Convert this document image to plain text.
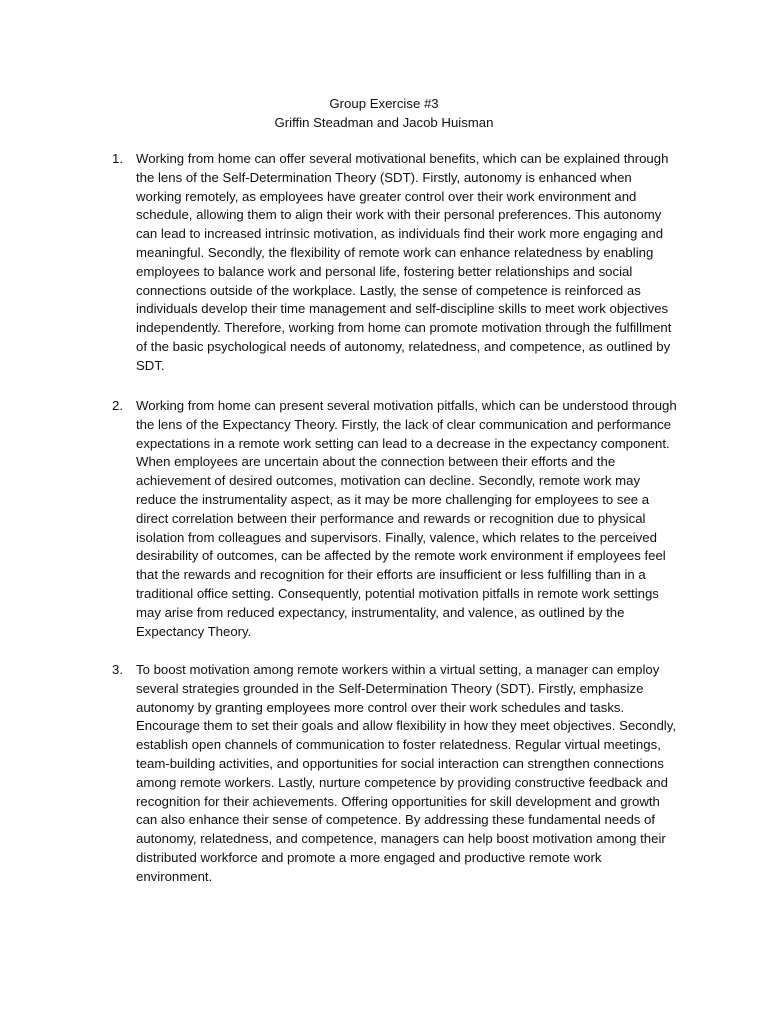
Group Exercise #3
Griffin Steadman and Jacob Huisman
1. Working from home can offer several motivational benefits, which can be explained through the lens of the Self-Determination Theory (SDT). Firstly, autonomy is enhanced when working remotely, as employees have greater control over their work environment and schedule, allowing them to align their work with their personal preferences. This autonomy can lead to increased intrinsic motivation, as individuals find their work more engaging and meaningful. Secondly, the flexibility of remote work can enhance relatedness by enabling employees to balance work and personal life, fostering better relationships and social connections outside of the workplace. Lastly, the sense of competence is reinforced as individuals develop their time management and self-discipline skills to meet work objectives independently. Therefore, working from home can promote motivation through the fulfillment of the basic psychological needs of autonomy, relatedness, and competence, as outlined by SDT.

2. Working from home can present several motivation pitfalls, which can be understood through the lens of the Expectancy Theory. Firstly, the lack of clear communication and performance expectations in a remote work setting can lead to a decrease in the expectancy component. When employees are uncertain about the connection between their efforts and the achievement of desired outcomes, motivation can decline. Secondly, remote work may reduce the instrumentality aspect, as it may be more challenging for employees to see a direct correlation between their performance and rewards or recognition due to physical isolation from colleagues and supervisors. Finally, valence, which relates to the perceived desirability of outcomes, can be affected by the remote work environment if employees feel that the rewards and recognition for their efforts are insufficient or less fulfilling than in a traditional office setting. Consequently, potential motivation pitfalls in remote work settings may arise from reduced expectancy, instrumentality, and valence, as outlined by the Expectancy Theory.

3. To boost motivation among remote workers within a virtual setting, a manager can employ several strategies grounded in the Self-Determination Theory (SDT). Firstly, emphasize autonomy by granting employees more control over their work schedules and tasks. Encourage them to set their goals and allow flexibility in how they meet objectives. Secondly, establish open channels of communication to foster relatedness. Regular virtual meetings, team-building activities, and opportunities for social interaction can strengthen connections among remote workers. Lastly, nurture competence by providing constructive feedback and recognition for their achievements. Offering opportunities for skill development and growth can also enhance their sense of competence. By addressing these fundamental needs of autonomy, relatedness, and competence, managers can help boost motivation among their distributed workforce and promote a more engaged and productive remote work environment.
